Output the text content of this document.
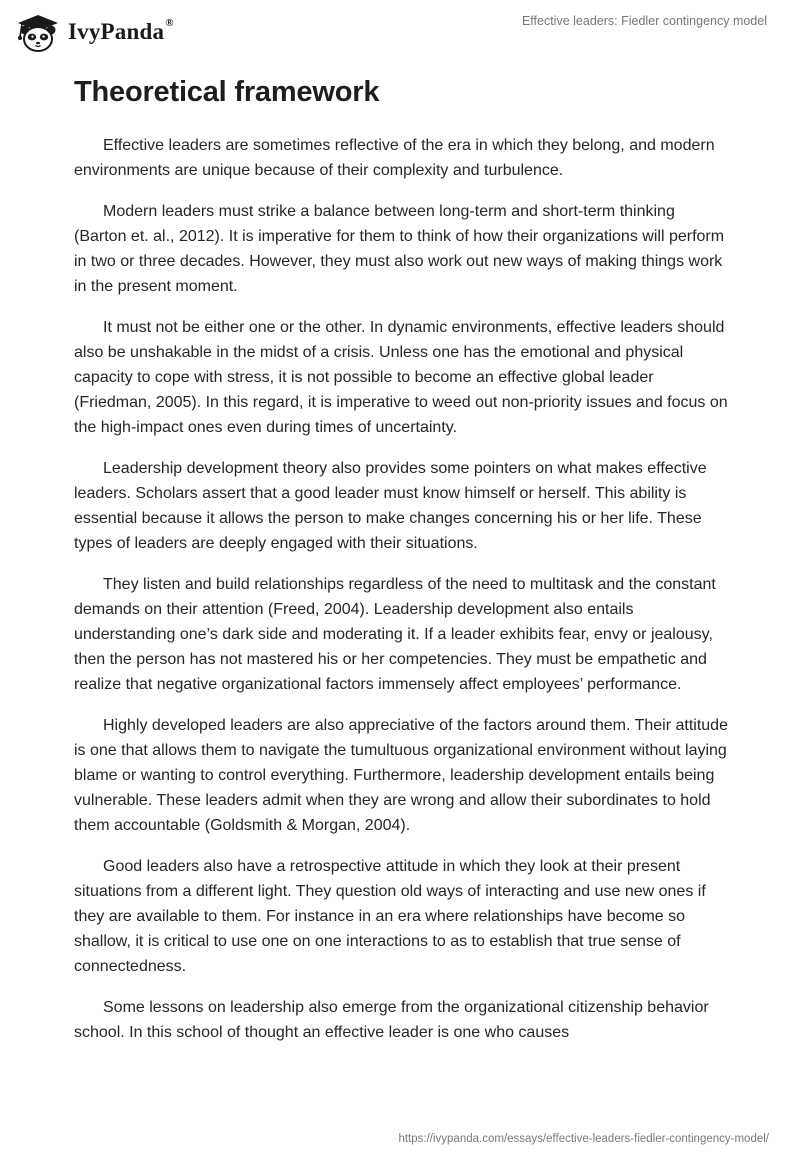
IvyPanda®	Effective leaders: Fiedler contingency model
Theoretical framework

Effective leaders are sometimes reflective of the era in which they belong, and modern environments are unique because of their complexity and turbulence.

Modern leaders must strike a balance between long-term and short-term thinking (Barton et. al., 2012). It is imperative for them to think of how their organizations will perform in two or three decades. However, they must also work out new ways of making things work in the present moment.

It must not be either one or the other. In dynamic environments, effective leaders should also be unshakable in the midst of a crisis. Unless one has the emotional and physical capacity to cope with stress, it is not possible to become an effective global leader (Friedman, 2005). In this regard, it is imperative to weed out non-priority issues and focus on the high-impact ones even during times of uncertainty.

Leadership development theory also provides some pointers on what makes effective leaders. Scholars assert that a good leader must know himself or herself. This ability is essential because it allows the person to make changes concerning his or her life. These types of leaders are deeply engaged with their situations.

They listen and build relationships regardless of the need to multitask and the constant demands on their attention (Freed, 2004). Leadership development also entails understanding one’s dark side and moderating it. If a leader exhibits fear, envy or jealousy, then the person has not mastered his or her competencies. They must be empathetic and realize that negative organizational factors immensely affect employees’ performance.

Highly developed leaders are also appreciative of the factors around them. Their attitude is one that allows them to navigate the tumultuous organizational environment without laying blame or wanting to control everything. Furthermore, leadership development entails being vulnerable. These leaders admit when they are wrong and allow their subordinates to hold them accountable (Goldsmith & Morgan, 2004).

Good leaders also have a retrospective attitude in which they look at their present situations from a different light. They question old ways of interacting and use new ones if they are available to them. For instance in an era where relationships have become so shallow, it is critical to use one on one interactions to as to establish that true sense of connectedness.

Some lessons on leadership also emerge from the organizational citizenship behavior school. In this school of thought an effective leader is one who causes

https://ivypanda.com/essays/effective-leaders-fiedler-contingency-model/
